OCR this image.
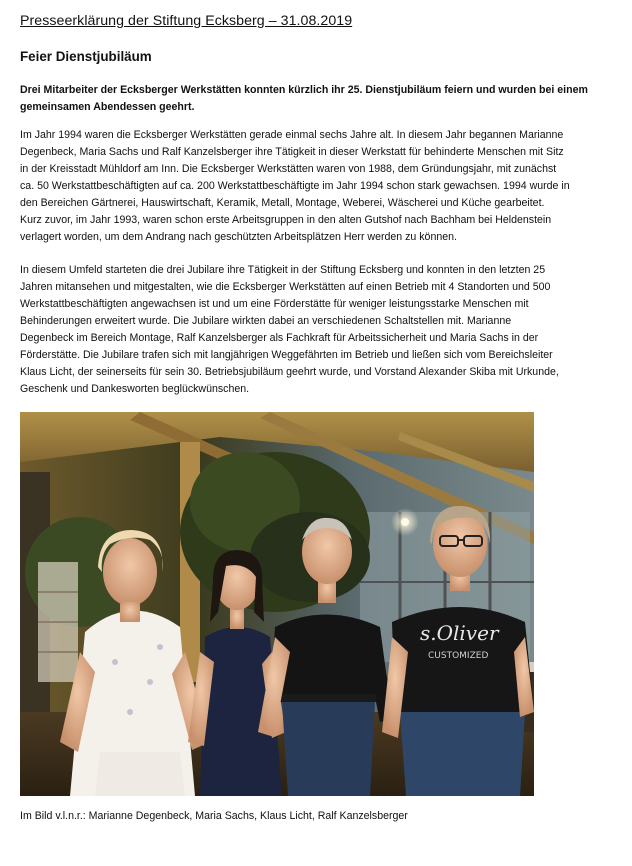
Presseerklärung der Stiftung Ecksberg – 31.08.2019
Feier Dienstjubiläum
Drei Mitarbeiter der Ecksberger Werkstätten konnten kürzlich ihr 25. Dienstjubiläum feiern und wurden bei einem
gemeinsamen Abendessen geehrt.
Im Jahr 1994 waren die Ecksberger Werkstätten gerade einmal sechs Jahre alt. In diesem Jahr begannen Marianne
Degenbeck, Maria Sachs und Ralf Kanzelsberger ihre Tätigkeit in dieser Werkstatt für behinderte Menschen mit Sitz
in der Kreisstadt Mühldorf am Inn. Die Ecksberger Werkstätten waren von 1988, dem Gründungsjahr, mit zunächst
ca. 50 Werkstattbeschäftigten auf ca. 200 Werkstattbeschäftigte im Jahr 1994 schon stark gewachsen. 1994 wurde in
den Bereichen Gärtnerei, Hauswirtschaft, Keramik, Metall, Montage, Weberei, Wäscherei und Küche gearbeitet.
Kurz zuvor, im Jahr 1993, waren schon erste Arbeitsgruppen in den alten Gutshof nach Bachham bei Heldenstein
verlagert worden, um dem Andrang nach geschützten Arbeitsplätzen Herr werden zu können.
In diesem Umfeld starteten die drei Jubilare ihre Tätigkeit in der Stiftung Ecksberg und konnten in den letzten 25
Jahren mitansehen und mitgestalten, wie die Ecksberger Werkstätten auf einen Betrieb mit 4 Standorten und 500
Werkstattbeschäftigten angewachsen ist und um eine Förderstätte für weniger leistungsstarke Menschen mit
Behinderungen erweitert wurde. Die Jubilare wirkten dabei an verschiedenen Schaltstellen mit. Marianne
Degenbeck im Bereich Montage, Ralf Kanzelsberger als Fachkraft für Arbeitssicherheit und Maria Sachs in der
Förderstätte. Die Jubilare trafen sich mit langjährigen Weggefährten im Betrieb und ließen sich vom Bereichsleiter
Klaus Licht, der seinerseits für sein 30. Betriebsjubiläum geehrt wurde, und Vorstand Alexander Skiba mit Urkunde,
Geschenk und Dankesworten beglückwünschen.
s.Oliver
CUSTOMIZED
Im Bild v.l.n.r.: Marianne Degenbeck, Maria Sachs, Klaus Licht, Ralf Kanzelsberger
